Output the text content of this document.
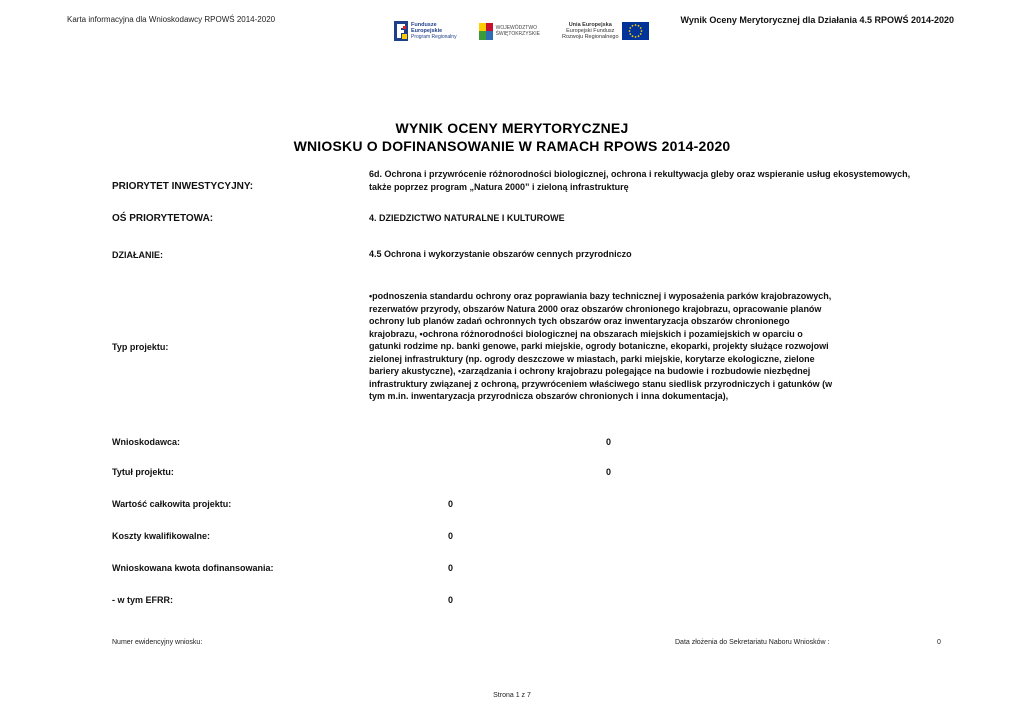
Karta informacyjna dla Wnioskodawcy RPOWŚ 2014-2020	Wynik Oceny Merytorycznej dla Działania 4.5 RPOWŚ 2014-2020
Fundusze
Europejskie
Program Regionalny
WOJEWÓDZTWO
ŚWIĘTOKRZYSKIE
Unia Europejska
Europejski Fundusz
Rozwoju Regionalnego
WYNIK OCENY MERYTORYCZNEJ
WNIOSKU O DOFINANSOWANIE W RAMACH RPOWS 2014-2020
PRIORYTET INWESTYCYJNY:
6d. Ochrona i przywrócenie różnorodności biologicznej, ochrona i rekultywacja gleby oraz wspieranie usług ekosystemowych, także poprzez program „Natura 2000” i zieloną infrastrukturę
OŚ PRIORYTETOWA:	4. DZIEDZICTWO NATURALNE I KULTUROWE
DZIAŁANIE:	4.5 Ochrona i wykorzystanie obszarów cennych przyrodniczo
Typ projektu:
•podnoszenia standardu ochrony oraz poprawiania bazy technicznej i wyposażenia parków krajobrazowych, rezerwatów przyrody, obszarów Natura 2000 oraz obszarów chronionego krajobrazu, opracowanie planów ochrony lub planów zadań ochronnych tych obszarów oraz inwentaryzacja obszarów chronionego krajobrazu, •ochrona różnorodności biologicznej na obszarach miejskich i pozamiejskich w oparciu o gatunki rodzime np. banki genowe, parki miejskie, ogrody botaniczne, ekoparki, projekty służące rozwojowi zielonej infrastruktury (np. ogrody deszczowe w miastach, parki miejskie, korytarze ekologiczne, zielone bariery akustyczne), •zarządzania i ochrony krajobrazu polegające na budowie i rozbudowie niezbędnej infrastruktury związanej z ochroną, przywróceniem właściwego stanu siedlisk przyrodniczych i gatunków (w tym m.in. inwentaryzacja przyrodnicza obszarów chronionych i inna dokumentacja),
Wnioskodawca:	0
Tytuł projektu:	0
Wartość całkowita projektu:	0
Koszty kwalifikowalne:	0
Wnioskowana kwota dofinansowania:	0
- w tym EFRR:	0
Numer ewidencyjny wniosku:	Data złożenia do Sekretariatu Naboru Wniosków :	0
Strona 1 z 7
